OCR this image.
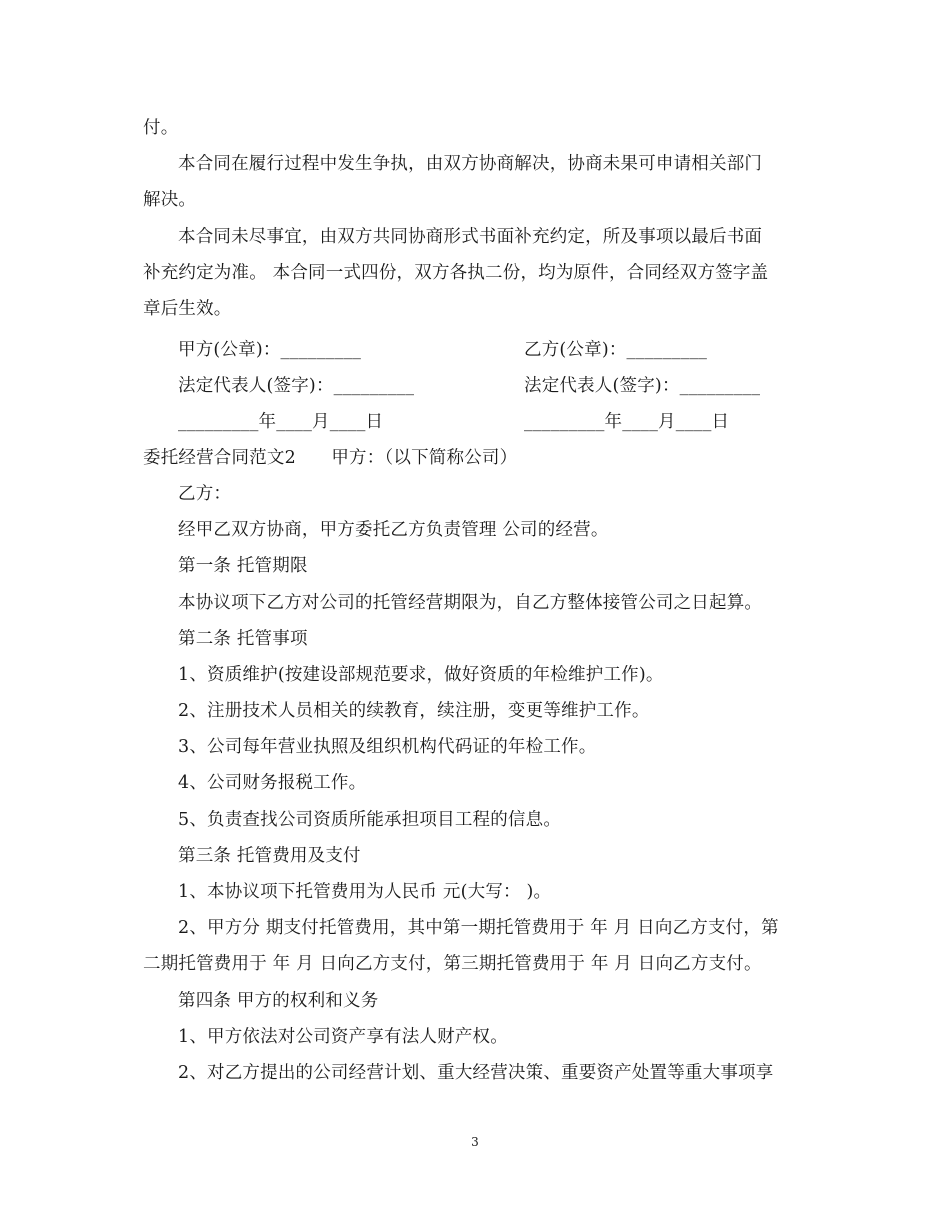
付。
本合同在履行过程中发生争执，由双方协商解决，协商未果可申请相关部门
解决。
本合同未尽事宜，由双方共同协商形式书面补充约定，所及事项以最后书面
补充约定为准。 本合同一式四份，双方各执二份，均为原件，合同经双方签字盖
章后生效。
甲方(公章)：_________	乙方(公章)：_________
法定代表人(签字)：_________	法定代表人(签字)：_________
_________年____月____日	_________年____月____日
委托经营合同范文2　　甲方：（以下简称公司）
乙方：
经甲乙双方协商，甲方委托乙方负责管理 公司的经营。
第一条 托管期限
本协议项下乙方对公司的托管经营期限为，自乙方整体接管公司之日起算。
第二条 托管事项
1、资质维护(按建设部规范要求，做好资质的年检维护工作)。
2、注册技术人员相关的续教育，续注册，变更等维护工作。
3、公司每年营业执照及组织机构代码证的年检工作。
4、公司财务报税工作。
5、负责查找公司资质所能承担项目工程的信息。
第三条 托管费用及支付
1、本协议项下托管费用为人民币 元(大写： )。
2、甲方分 期支付托管费用，其中第一期托管费用于 年 月 日向乙方支付，第
二期托管费用于 年 月 日向乙方支付，第三期托管费用于 年 月 日向乙方支付。
第四条 甲方的权利和义务
1、甲方依法对公司资产享有法人财产权。
2、对乙方提出的公司经营计划、重大经营决策、重要资产处置等重大事项享
3
